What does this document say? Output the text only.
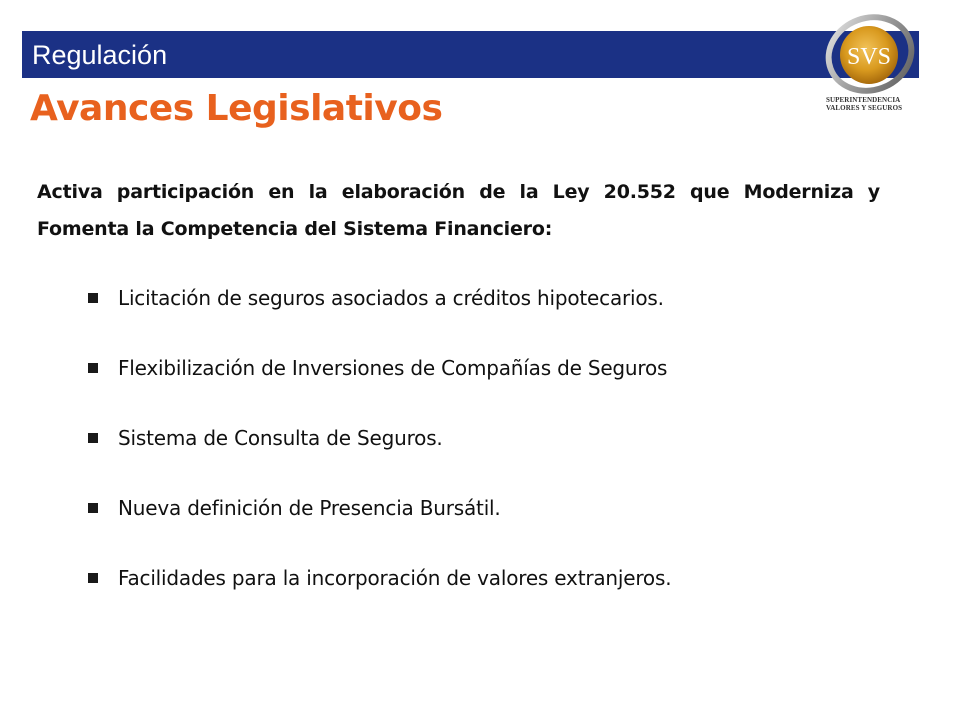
Regulación	SVS
SUPERINTENDENCIA
VALORES Y SEGUROS
Avances Legislativos
Activa participación en la elaboración de la Ley 20.552 que Moderniza y Fomenta la Competencia del Sistema Financiero:
Licitación de seguros asociados a créditos hipotecarios.
Flexibilización de Inversiones de Compañías de Seguros
Sistema de Consulta de Seguros.
Nueva definición de Presencia Bursátil.
Facilidades para la incorporación de valores extranjeros.
